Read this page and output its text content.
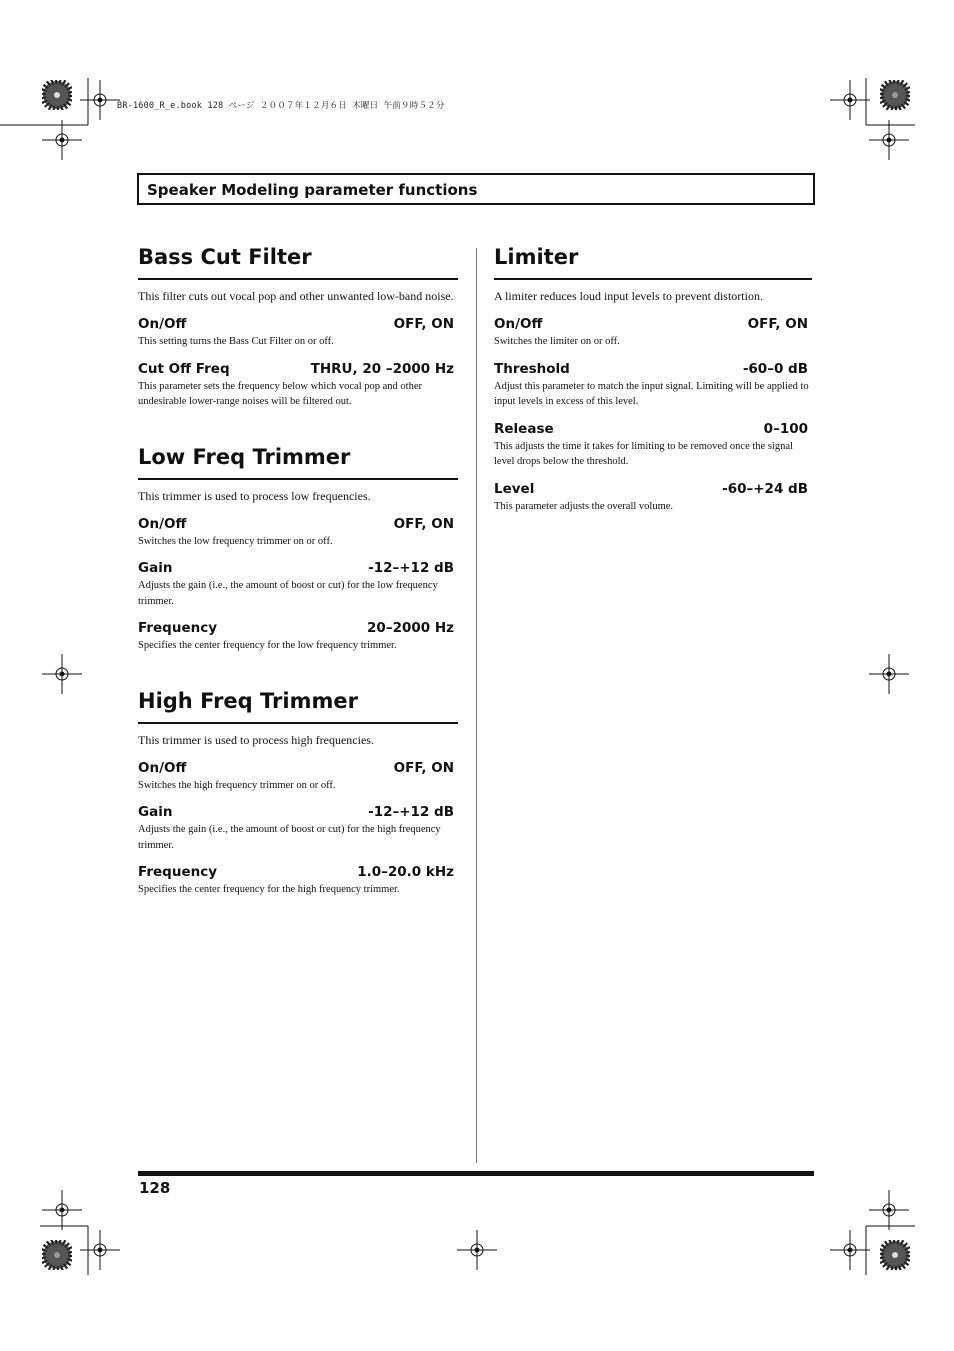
BR-1600_R_e.book 128 ページ ２００７年１２月６日 木曜日 午前９時５２分
Speaker Modeling parameter functions
Bass Cut Filter
This filter cuts out vocal pop and other unwanted low-band noise.
On/Off	OFF, ON
This setting turns the Bass Cut Filter on or off.
Cut Off Freq	THRU, 20 –2000 Hz
This parameter sets the frequency below which vocal pop and other undesirable lower-range noises will be filtered out.
Low Freq Trimmer
This trimmer is used to process low frequencies.
On/Off	OFF, ON
Switches the low frequency trimmer on or off.
Gain	-12–+12 dB
Adjusts the gain (i.e., the amount of boost or cut) for the low frequency trimmer.
Frequency	20–2000 Hz
Specifies the center frequency for the low frequency trimmer.
High Freq Trimmer
This trimmer is used to process high frequencies.
On/Off	OFF, ON
Switches the high frequency trimmer on or off.
Gain	-12–+12 dB
Adjusts the gain (i.e., the amount of boost or cut) for the high frequency trimmer.
Frequency	1.0–20.0 kHz
Specifies the center frequency for the high frequency trimmer.
Limiter
A limiter reduces loud input levels to prevent distortion.
On/Off	OFF, ON
Switches the limiter on or off.
Threshold	-60–0 dB
Adjust this parameter to match the input signal. Limiting will be applied to input levels in excess of this level.
Release	0–100
This adjusts the time it takes for limiting to be removed once the signal level drops below the threshold.
Level	-60–+24 dB
This parameter adjusts the overall volume.
128
